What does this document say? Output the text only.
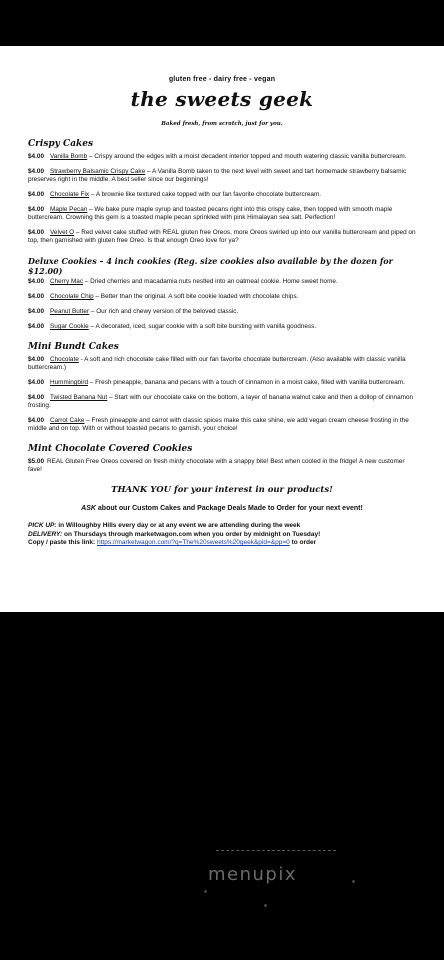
gluten free - dairy free - vegan
the sweets geek
Baked fresh, from scratch, just for you.
Crispy Cakes
$4.00 Vanilla Bomb – Crispy around the edges with a moist decadent interior topped and mouth watering classic vanilla buttercream.
$4.00 Strawberry Balsamic Crispy Cake – A Vanilla Bomb taken to the next level with sweet and tart homemade strawberry balsamic preserves right in the middle. A best seller since our beginnings!
$4.00 Chocolate Fix – A brownie like textured cake topped with our fan favorite chocolate buttercream.
$4.00 Maple Pecan – We bake pure maple syrup and toasted pecans right into this crispy cake, then topped with smooth maple buttercream. Crowning this gem is a toasted maple pecan sprinkled with pink Himalayan sea salt. Perfection!
$4.00 Velvet O – Red velvet cake stuffed with REAL gluten free Oreos, more Oreos swirled up into our vanilla buttercream and piped on top, then garnished with gluten free Oreo. Is that enough Oreo love for ya?
Deluxe Cookies – 4 inch cookies (Reg. size cookies also available by the dozen for $12.00)
$4.00 Cherry Mac – Dried cherries and macadamia nuts nestled into an oatmeal cookie. Home sweet home.
$4.00 Chocolate Chip – Better than the original. A soft bite cookie loaded with chocolate chips.
$4.00 Peanut Butter – Our rich and chewy version of the beloved classic.
$4.00 Sugar Cookie – A decorated, iced, sugar cookie with a soft bite bursting with vanilla goodness.
Mini Bundt Cakes
$4.00 Chocolate - A soft and rich chocolate cake filled with our fan favorite chocolate buttercream. (Also available with classic vanilla buttercream.)
$4.00 Hummingbird – Fresh pineapple, banana and pecans with a touch of cinnamon in a moist cake, filled with vanilla buttercream.
$4.00 Twisted Banana Nut – Start with our chocolate cake on the bottom, a layer of banana walnut cake and then a dollop of cinnamon frosting.
$4.00 Carrot Cake – Fresh pineapple and carrot with classic spices make this cake shine, we add vegan cream cheese frosting in the middle and on top. With or without toasted pecans to garnish, your choice!
Mint Chocolate Covered Cookies
$5.00 REAL Gluten Free Oreos covered on fresh minty chocolate with a snappy bite! Best when cooled in the fridge! A new customer fave!
THANK YOU for your interest in our products!
ASK about our Custom Cakes and Package Deals Made to Order for your next event!
PICK UP: in Willoughby Hills every day or at any event we are attending during the week
DELIVERY: on Thursdays through marketwagon.com when you order by midnight on Tuesday!
Copy / paste this link: https://marketwagon.com/?q=The%20sweets%20geek&pid=&pp=0 to order
menupix
